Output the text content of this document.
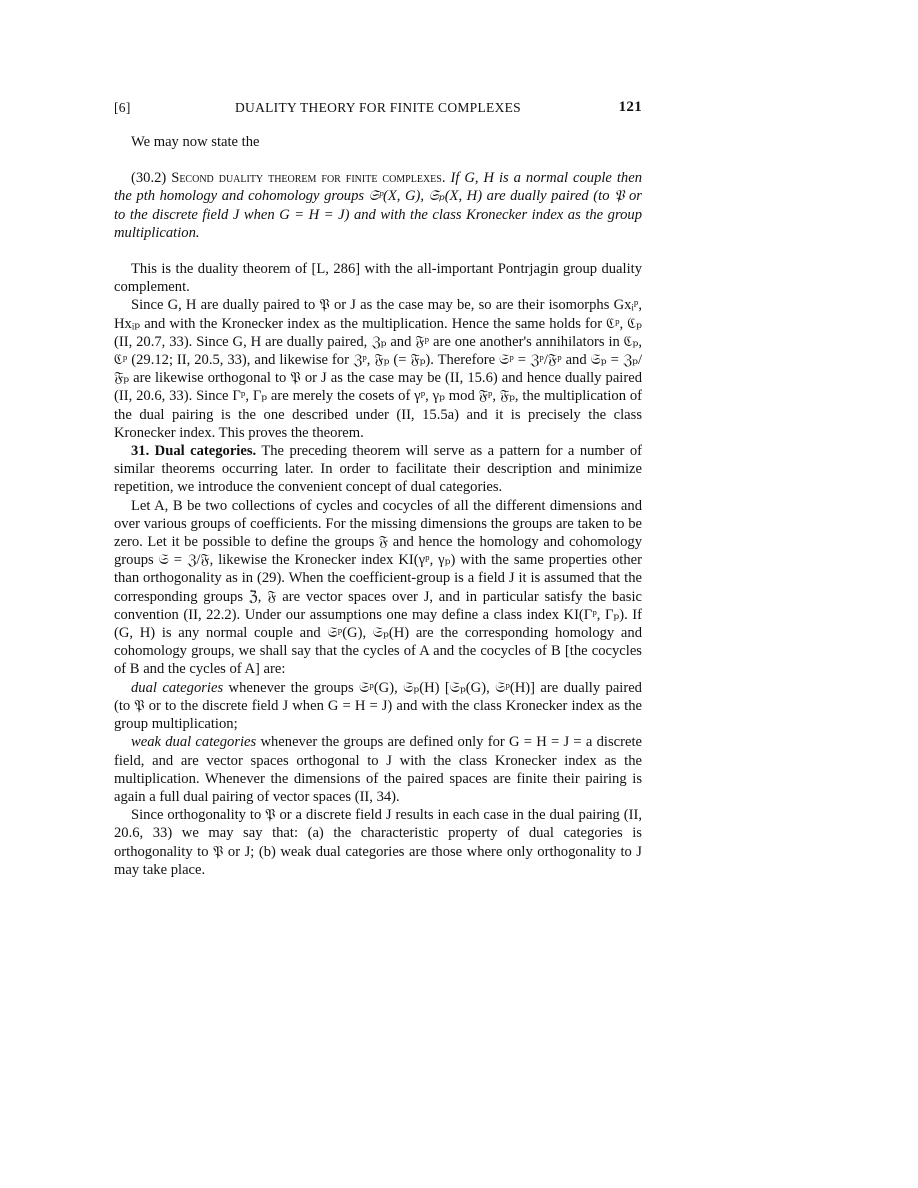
[6]	DUALITY THEORY FOR FINITE COMPLEXES	121

We may now state the

(30.2) Second duality theorem for finite complexes. If G, H is a normal couple then the pth homology and cohomology groups 𝔖ᵖ(X, G), 𝔖ₚ(X, H) are dually paired (to 𝔓 or to the discrete field J when G = H = J) and with the class Kronecker index as the group multiplication.

This is the duality theorem of [L, 286] with the all-important Pontrjagin group duality complement.

Since G, H are dually paired to 𝔓 or J as the case may be, so are their isomorphs Gxᵢᵖ, Hxᵢₚ and with the Kronecker index as the multiplication. Hence the same holds for ℭᵖ, ℭₚ (II, 20.7, 33). Since G, H are dually paired, ℨₚ and 𝔉ᵖ are one another's annihilators in ℭₚ, ℭᵖ (29.12; II, 20.5, 33), and likewise for ℨᵖ, 𝔉ₚ (= 𝔉̄ₚ). Therefore 𝔖ᵖ = ℨᵖ/𝔉ᵖ and 𝔖ₚ = ℨₚ/𝔉̄ₚ are likewise orthogonal to 𝔓 or J as the case may be (II, 15.6) and hence dually paired (II, 20.6, 33). Since Γᵖ, Γₚ are merely the cosets of γᵖ, γₚ mod 𝔉̄ᵖ, 𝔉̄ₚ, the multiplication of the dual pairing is the one described under (II, 15.5a) and it is precisely the class Kronecker index. This proves the theorem.

31. Dual categories. The preceding theorem will serve as a pattern for a number of similar theorems occurring later. In order to facilitate their description and minimize repetition, we introduce the convenient concept of dual categories.

Let A, B be two collections of cycles and cocycles of all the different dimensions and over various groups of coefficients. For the missing dimensions the groups are taken to be zero. Let it be possible to define the groups 𝔉 and hence the homology and cohomology groups 𝔖 = ℨ/𝔉, likewise the Kronecker index KI(γᵖ, γₚ) with the same properties other than orthogonality as in (29). When the coefficient-group is a field J it is assumed that the corresponding groups ℨ, 𝔉 are vector spaces over J, and in particular satisfy the basic convention (II, 22.2). Under our assumptions one may define a class index KI(Γᵖ, Γₚ). If (G, H) is any normal couple and 𝔖ᵖ(G), 𝔖ₚ(H) are the corresponding homology and cohomology groups, we shall say that the cycles of A and the cocycles of B [the cocycles of B and the cycles of A] are:

dual categories whenever the groups 𝔖ᵖ(G), 𝔖ₚ(H) [𝔖ₚ(G), 𝔖ᵖ(H)] are dually paired (to 𝔓 or to the discrete field J when G = H = J) and with the class Kronecker index as the group multiplication;

weak dual categories whenever the groups are defined only for G = H = J = a discrete field, and are vector spaces orthogonal to J with the class Kronecker index as the multiplication. Whenever the dimensions of the paired spaces are finite their pairing is again a full dual pairing of vector spaces (II, 34).

Since orthogonality to 𝔓 or a discrete field J results in each case in the dual pairing (II, 20.6, 33) we may say that: (a) the characteristic property of dual categories is orthogonality to 𝔓 or J; (b) weak dual categories are those where only orthogonality to J may take place.
